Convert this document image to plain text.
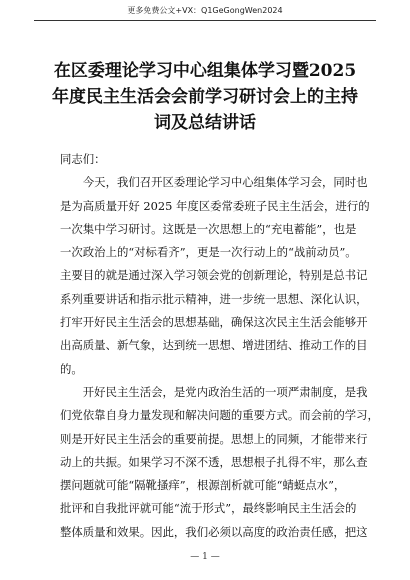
更多免费公文+VX：Q1GeGongWen2024
在区委理论学习中心组集体学习暨2025
年度民主生活会会前学习研讨会上的主持
词及总结讲话
同志们：
　　今天，我们召开区委理论学习中心组集体学习会，同时也
是为高质量开好 2025 年度区委常委班子民主生活会，进行的
一次集中学习研讨。这既是一次思想上的“充电蓄能”，也是
一次政治上的“对标看齐”，更是一次行动上的“战前动员”。
主要目的就是通过深入学习领会党的创新理论，特别是总书记
系列重要讲话和指示批示精神，进一步统一思想、深化认识，
打牢开好民主生活会的思想基础，确保这次民主生活会能够开
出高质量、新气象，达到统一思想、增进团结、推动工作的目
的。
　　开好民主生活会，是党内政治生活的一项严肃制度，是我
们党依靠自身力量发现和解决问题的重要方式。而会前的学习，
则是开好民主生活会的重要前提。思想上的同频，才能带来行
动上的共振。如果学习不深不透，思想根子扎得不牢，那么查
摆问题就可能“隔靴搔痒”，根源剖析就可能“蜻蜓点水”，
批评和自我批评就可能“流于形式”，最终影响民主生活会的
整体质量和效果。因此，我们必须以高度的政治责任感，把这
— 1 —
